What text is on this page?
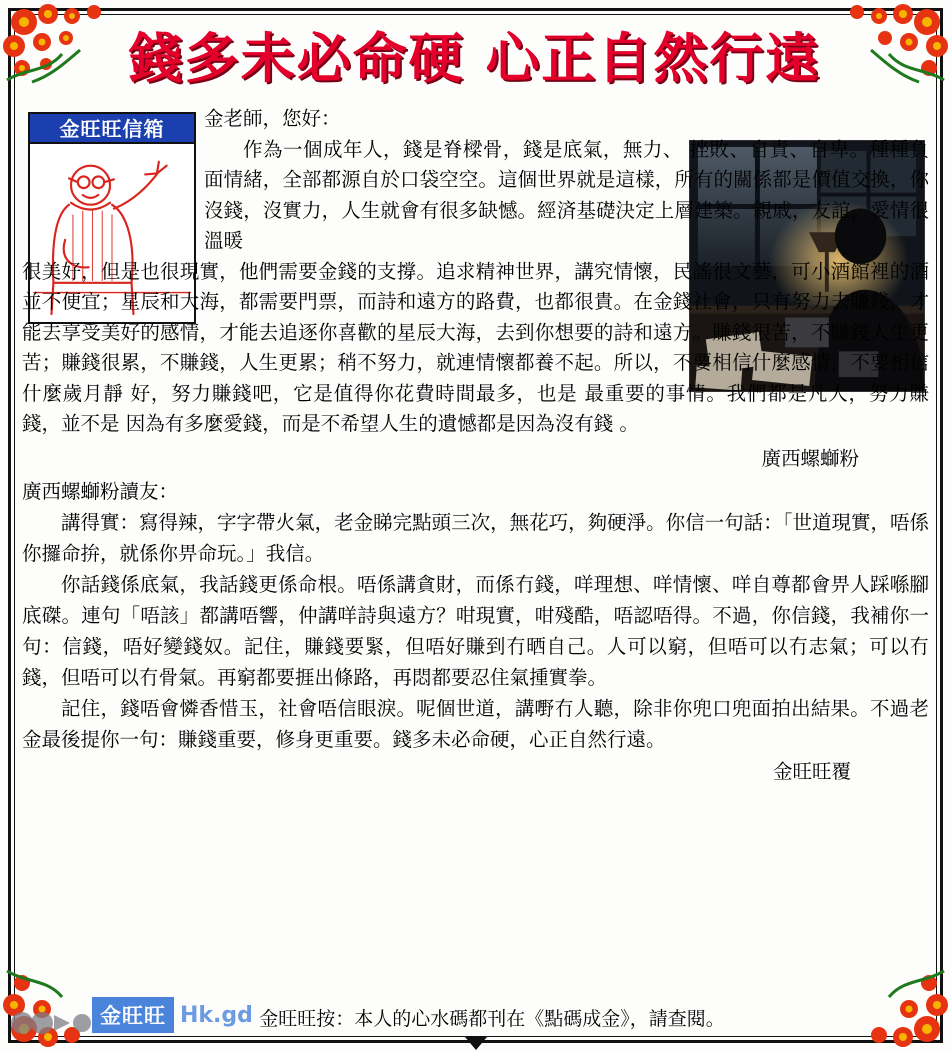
錢多未必命硬 心正自然行遠
金旺旺信箱	金老師，您好：
作為一個成年人，錢是脊樑骨，錢是底氣，無力、 挫敗、自責、自卑。種種負面情緒，全部都源自於口袋空空。這個世界就是這樣，所有的關係都是價值交換，你沒錢，沒實力，人生就會有很多缺憾。經済基礎決定上層建築。親戚，友誼，愛情很溫暖
很美好，但是也很現實，他們需要金錢的支撐。追求精神世界，講究情懷，民謠很文藝，可小酒館裡的酒並不便宜；星辰和大海，都需要門票，而詩和遠方的路費，也都很貴。在金錢社會，只有努力去賺錢，才能去享受美好的感情，才能去追逐你喜歡的星辰大海，去到你想要的詩和遠方。賺錢很苦，不賺錢人生更苦；賺錢很累，不賺錢，人生更累；稍不努力，就連情懷都養不起。所以，不要相信什麼感情，不要相信什麼歲月靜 好，努力賺錢吧，它是值得你花費時間最多，也是 最重要的事情。我們都是凡人，努力賺錢，並不是 因為有多麼愛錢，而是不希望人生的遺憾都是因為沒有錢 。
廣西螺螄粉
廣西螺螄粉讀友：
講得實：寫得辣，字字帶火氣，老金睇完點頭三次，無花巧，夠硬淨。你信一句話：「世道現實，唔係你攞命拚，就係你畀命玩。」我信。
你話錢係底氣，我話錢更係命根。唔係講貪財，而係冇錢，咩理想、咩情懷、咩自尊都會畀人踩喺腳底磔。連句「唔該」都講唔響，仲講咩詩與遠方？咁現實，咁殘酷，唔認唔得。不過，你信錢，我補你一句：信錢，唔好變錢奴。記住，賺錢要緊，但唔好賺到冇晒自己。人可以窮，但唔可以冇志氣；可以冇錢，但唔可以冇骨氣。再窮都要捱出條路，再悶都要忍住氣揰實拳。
記住，錢唔會憐香惜玉，社會唔信眼淚。呢個世道，講嘢冇人聽，除非你兜口兜面拍出結果。不過老金最後提你一句：賺錢重要，修身更重要。錢多未必命硬，心正自然行遠。
金旺旺覆
金旺旺按：本人的心水碼都刊在《點碼成金》，請查閱。
金旺旺 Hk.gd
